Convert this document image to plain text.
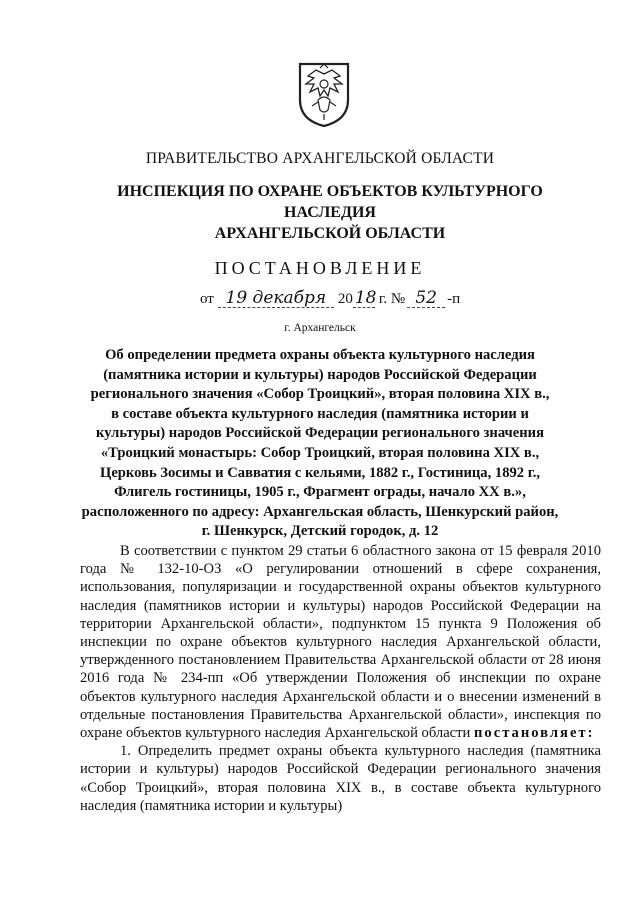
ПРАВИТЕЛЬСТВО АРХАНГЕЛЬСКОЙ ОБЛАСТИ
ИНСПЕКЦИЯ ПО ОХРАНЕ ОБЪЕКТОВ КУЛЬТУРНОГО НАСЛЕДИЯ
АРХАНГЕЛЬСКОЙ ОБЛАСТИ
ПОСТАНОВЛЕНИЕ
от 19 декабря 20 18 г. № 52 -п
г. Архангельск
Об определении предмета охраны объекта культурного наследия
(памятника истории и культуры) народов Российской Федерации
регионального значения «Собор Троицкий», вторая половина XIX в.,
в составе объекта культурного наследия (памятника истории и
культуры) народов Российской Федерации регионального значения
«Троицкий монастырь: Собор Троицкий, вторая половина XIX в.,
Церковь Зосимы и Савватия с кельями, 1882 г., Гостиница, 1892 г.,
Флигель гостиницы, 1905 г., Фрагмент ограды, начало XX в.»,
расположенного по адресу: Архангельская область, Шенкурский район,
г. Шенкурск, Детский городок, д. 12

В соответствии с пунктом 29 статьи 6 областного закона от 15 февраля 2010 года № 132-10-ОЗ «О регулировании отношений в сфере сохранения, использования, популяризации и государственной охраны объектов культурного наследия (памятников истории и культуры) народов Российской Федерации на территории Архангельской области», подпунктом 15 пункта 9 Положения об инспекции по охране объектов культурного наследия Архангельской области, утвержденного постановлением Правительства Архангельской области от 28 июня 2016 года № 234-пп «Об утверждении Положения об инспекции по охране объектов культурного наследия Архангельской области и о внесении изменений в отдельные постановления Правительства Архангельской области», инспекция по охране объектов культурного наследия Архангельской области постановляет:

1. Определить предмет охраны объекта культурного наследия (памятника истории и культуры) народов Российской Федерации регионального значения «Собор Троицкий», вторая половина XIX в., в составе объекта культурного наследия (памятника истории и культуры)
